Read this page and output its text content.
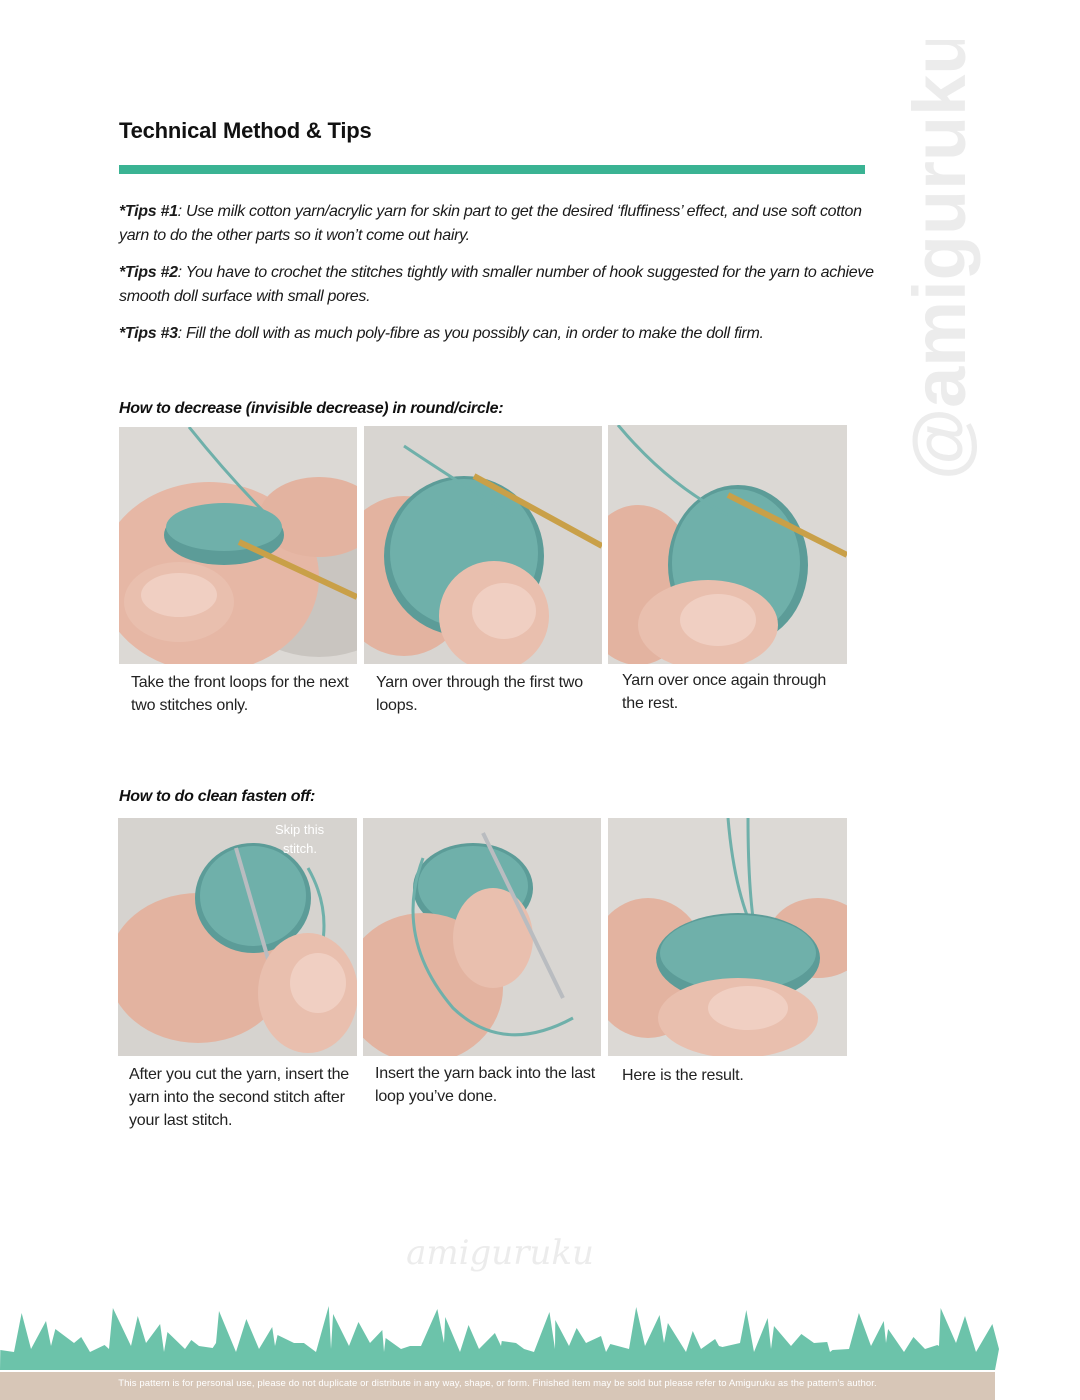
Technical Method & Tips

*Tips #1: Use milk cotton yarn/acrylic yarn for skin part to get the desired ‘fluffiness’ effect, and use soft cotton yarn to do the other parts so it won’t come out hairy.

*Tips #2: You have to crochet the stitches tightly with smaller number of hook suggested for the yarn to achieve smooth doll surface with small pores.

*Tips #3: Fill the doll with as much poly-fibre as you possibly can, in order to make the doll firm.	@amiguruku
How to decrease (invisible decrease) in round/circle:
Take the front loops for the next two stitches only.
Yarn over through the first two loops.
Yarn over once again through the rest.
How to do clean fasten off:
Skip this stitch.
After you cut the yarn, insert the yarn into the second stitch after your last stitch.
Insert the yarn back into the last loop you’ve done.
Here is the result.
amiguruku
This pattern is for personal use, please do not duplicate or distribute in any way, shape, or form. Finished item may be sold but please refer to Amiguruku as the pattern’s author.
